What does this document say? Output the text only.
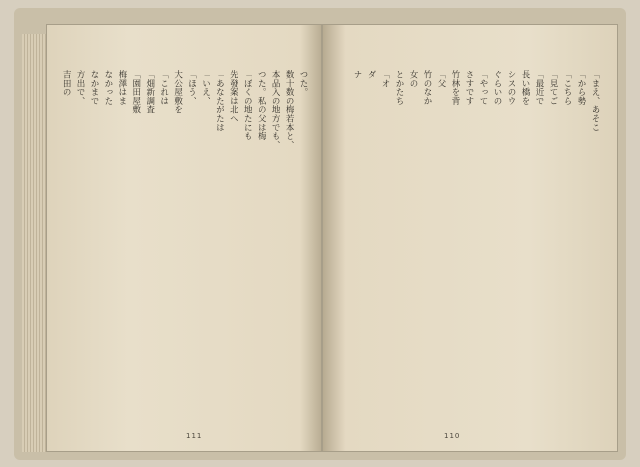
つた。
数十数の梅若本と、
本品入の地方でも、
つた。私の父は梅
「ぼくの地たにも
先發案は北へ
「あなたがたは
「いえ、
「ほう、
大公屋敷を
「これは
「畑新調査
「園田屋敷
梅澤はま
なかった
なかまで
方出で、
吉田の
111
「まえ、あそこ
「から勢
「こちら
「見てご
「最近で
長い橋を
シスのウ
ぐらいの
「やって
さすです
竹林を背
「父
竹のなか
女の
とかたち
「オ
ダ
ナ
110
